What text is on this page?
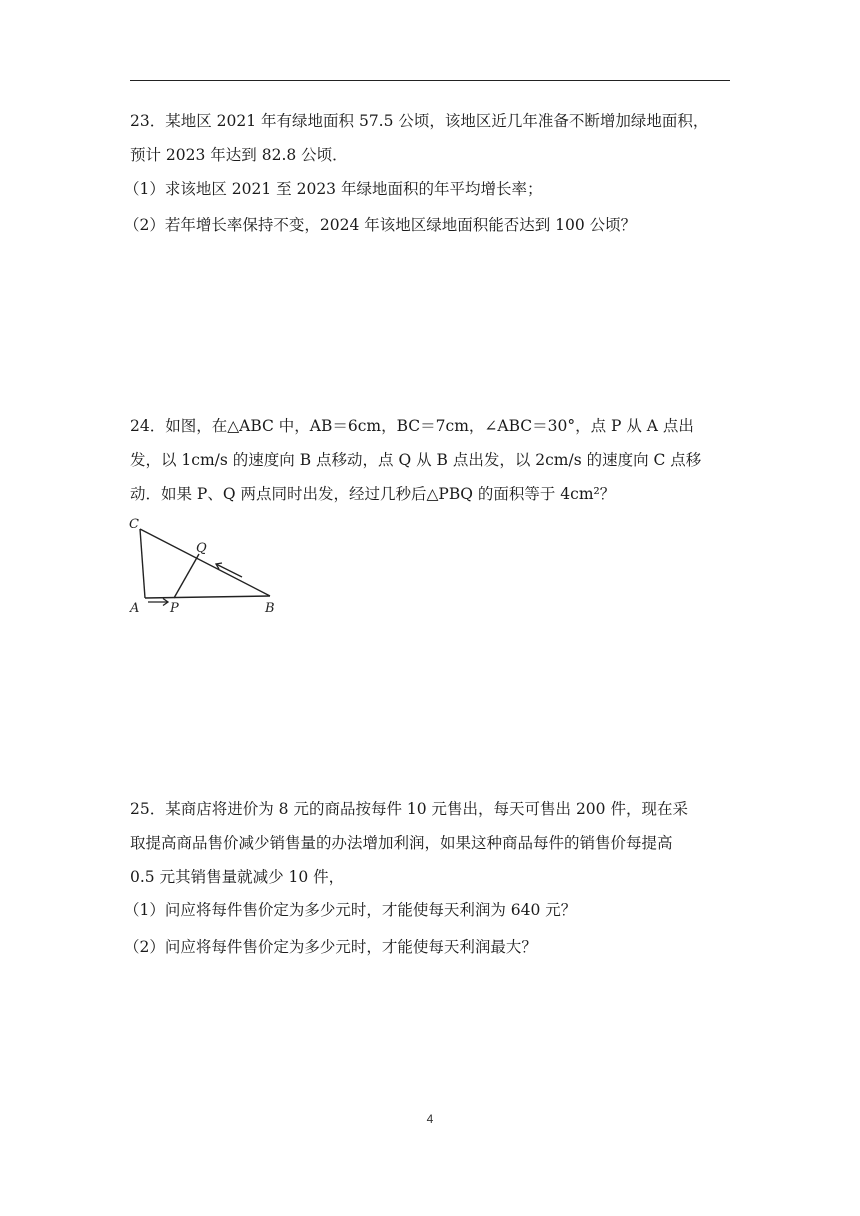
23．某地区 2021 年有绿地面积 57.5 公顷，该地区近几年准备不断增加绿地面积，
预计 2023 年达到 82.8 公顷．

（1）求该地区 2021 至 2023 年绿地面积的年平均增长率；

（2）若年增长率保持不变，2024 年该地区绿地面积能否达到 100 公顷？

24．如图，在△ABC 中，AB＝6cm，BC＝7cm，∠ABC＝30°，点 P 从 A 点出
发，以 1cm/s 的速度向 B 点移动，点 Q 从 B 点出发，以 2cm/s 的速度向 C 点移
动．如果 P、Q 两点同时出发，经过几秒后△PBQ 的面积等于 4cm²？
C
Q
A P	B
25．某商店将进价为 8 元的商品按每件 10 元售出，每天可售出 200 件，现在采
取提高商品售价减少销售量的办法增加利润，如果这种商品每件的销售价每提高
0.5 元其销售量就减少 10 件，

（1）问应将每件售价定为多少元时，才能使每天利润为 640 元？

（2）问应将每件售价定为多少元时，才能使每天利润最大？

4
